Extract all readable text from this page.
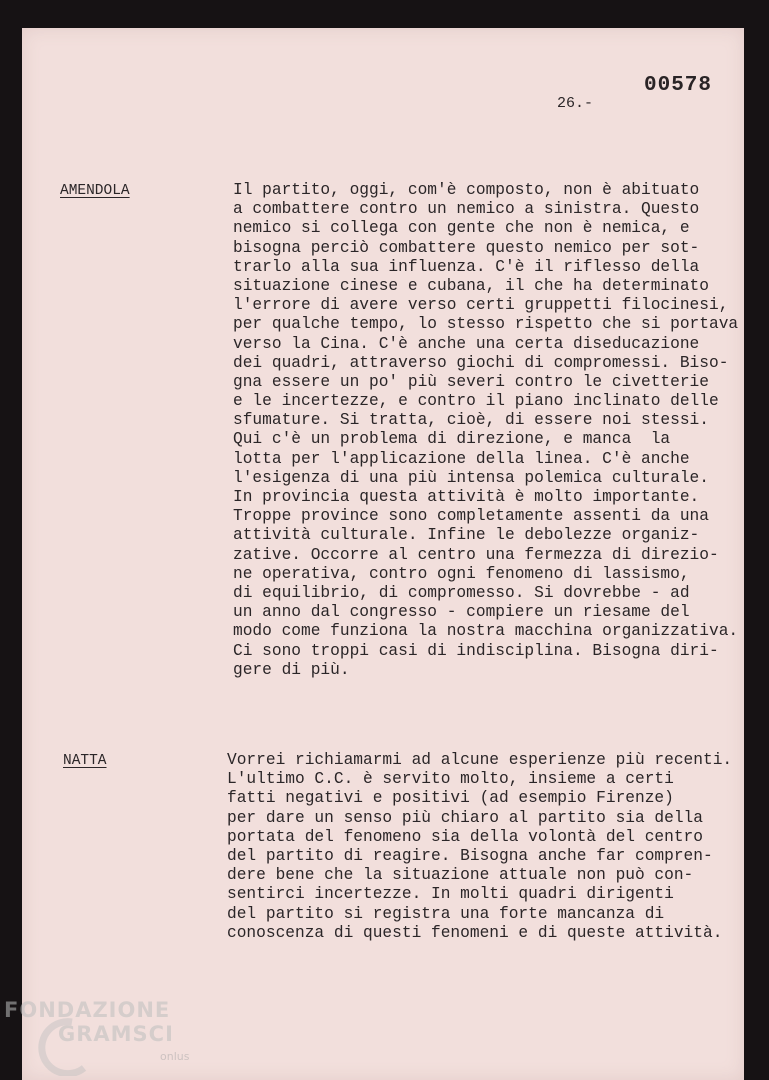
00578
26.-
AMENDOLA	Il partito, oggi, com'è composto, non è abituato
a combattere contro un nemico a sinistra. Questo
nemico si collega con gente che non è nemica, e
bisogna perciò combattere questo nemico per sot-
trarlo alla sua influenza. C'è il riflesso della
situazione cinese e cubana, il che ha determinato
l'errore di avere verso certi gruppetti filocinesi,
per qualche tempo, lo stesso rispetto che si portava
verso la Cina. C'è anche una certa diseducazione
dei quadri, attraverso giochi di compromessi. Biso-
gna essere un po' più severi contro le civetterie
e le incertezze, e contro il piano inclinato delle
sfumature. Si tratta, cioè, di essere noi stessi.
Qui c'è un problema di direzione, e manca  la
lotta per l'applicazione della linea. C'è anche
l'esigenza di una più intensa polemica culturale.
In provincia questa attività è molto importante.
Troppe province sono completamente assenti da una
attività culturale. Infine le debolezze organiz-
zative. Occorre al centro una fermezza di direzio-
ne operativa, contro ogni fenomeno di lassismo,
di equilibrio, di compromesso. Si dovrebbe - ad
un anno dal congresso - compiere un riesame del
modo come funziona la nostra macchina organizzativa.
Ci sono troppi casi di indisciplina. Bisogna diri-
gere di più.
NATTA	Vorrei richiamarmi ad alcune esperienze più recenti.
L'ultimo C.C. è servito molto, insieme a certi
fatti negativi e positivi (ad esempio Firenze)
per dare un senso più chiaro al partito sia della
portata del fenomeno sia della volontà del centro
del partito di reagire. Bisogna anche far compren-
dere bene che la situazione attuale non può con-
sentirci incertezze. In molti quadri dirigenti
del partito si registra una forte mancanza di
conoscenza di questi fenomeni e di queste attività.
FONDAZIONE
GRAMSCI
onlus
